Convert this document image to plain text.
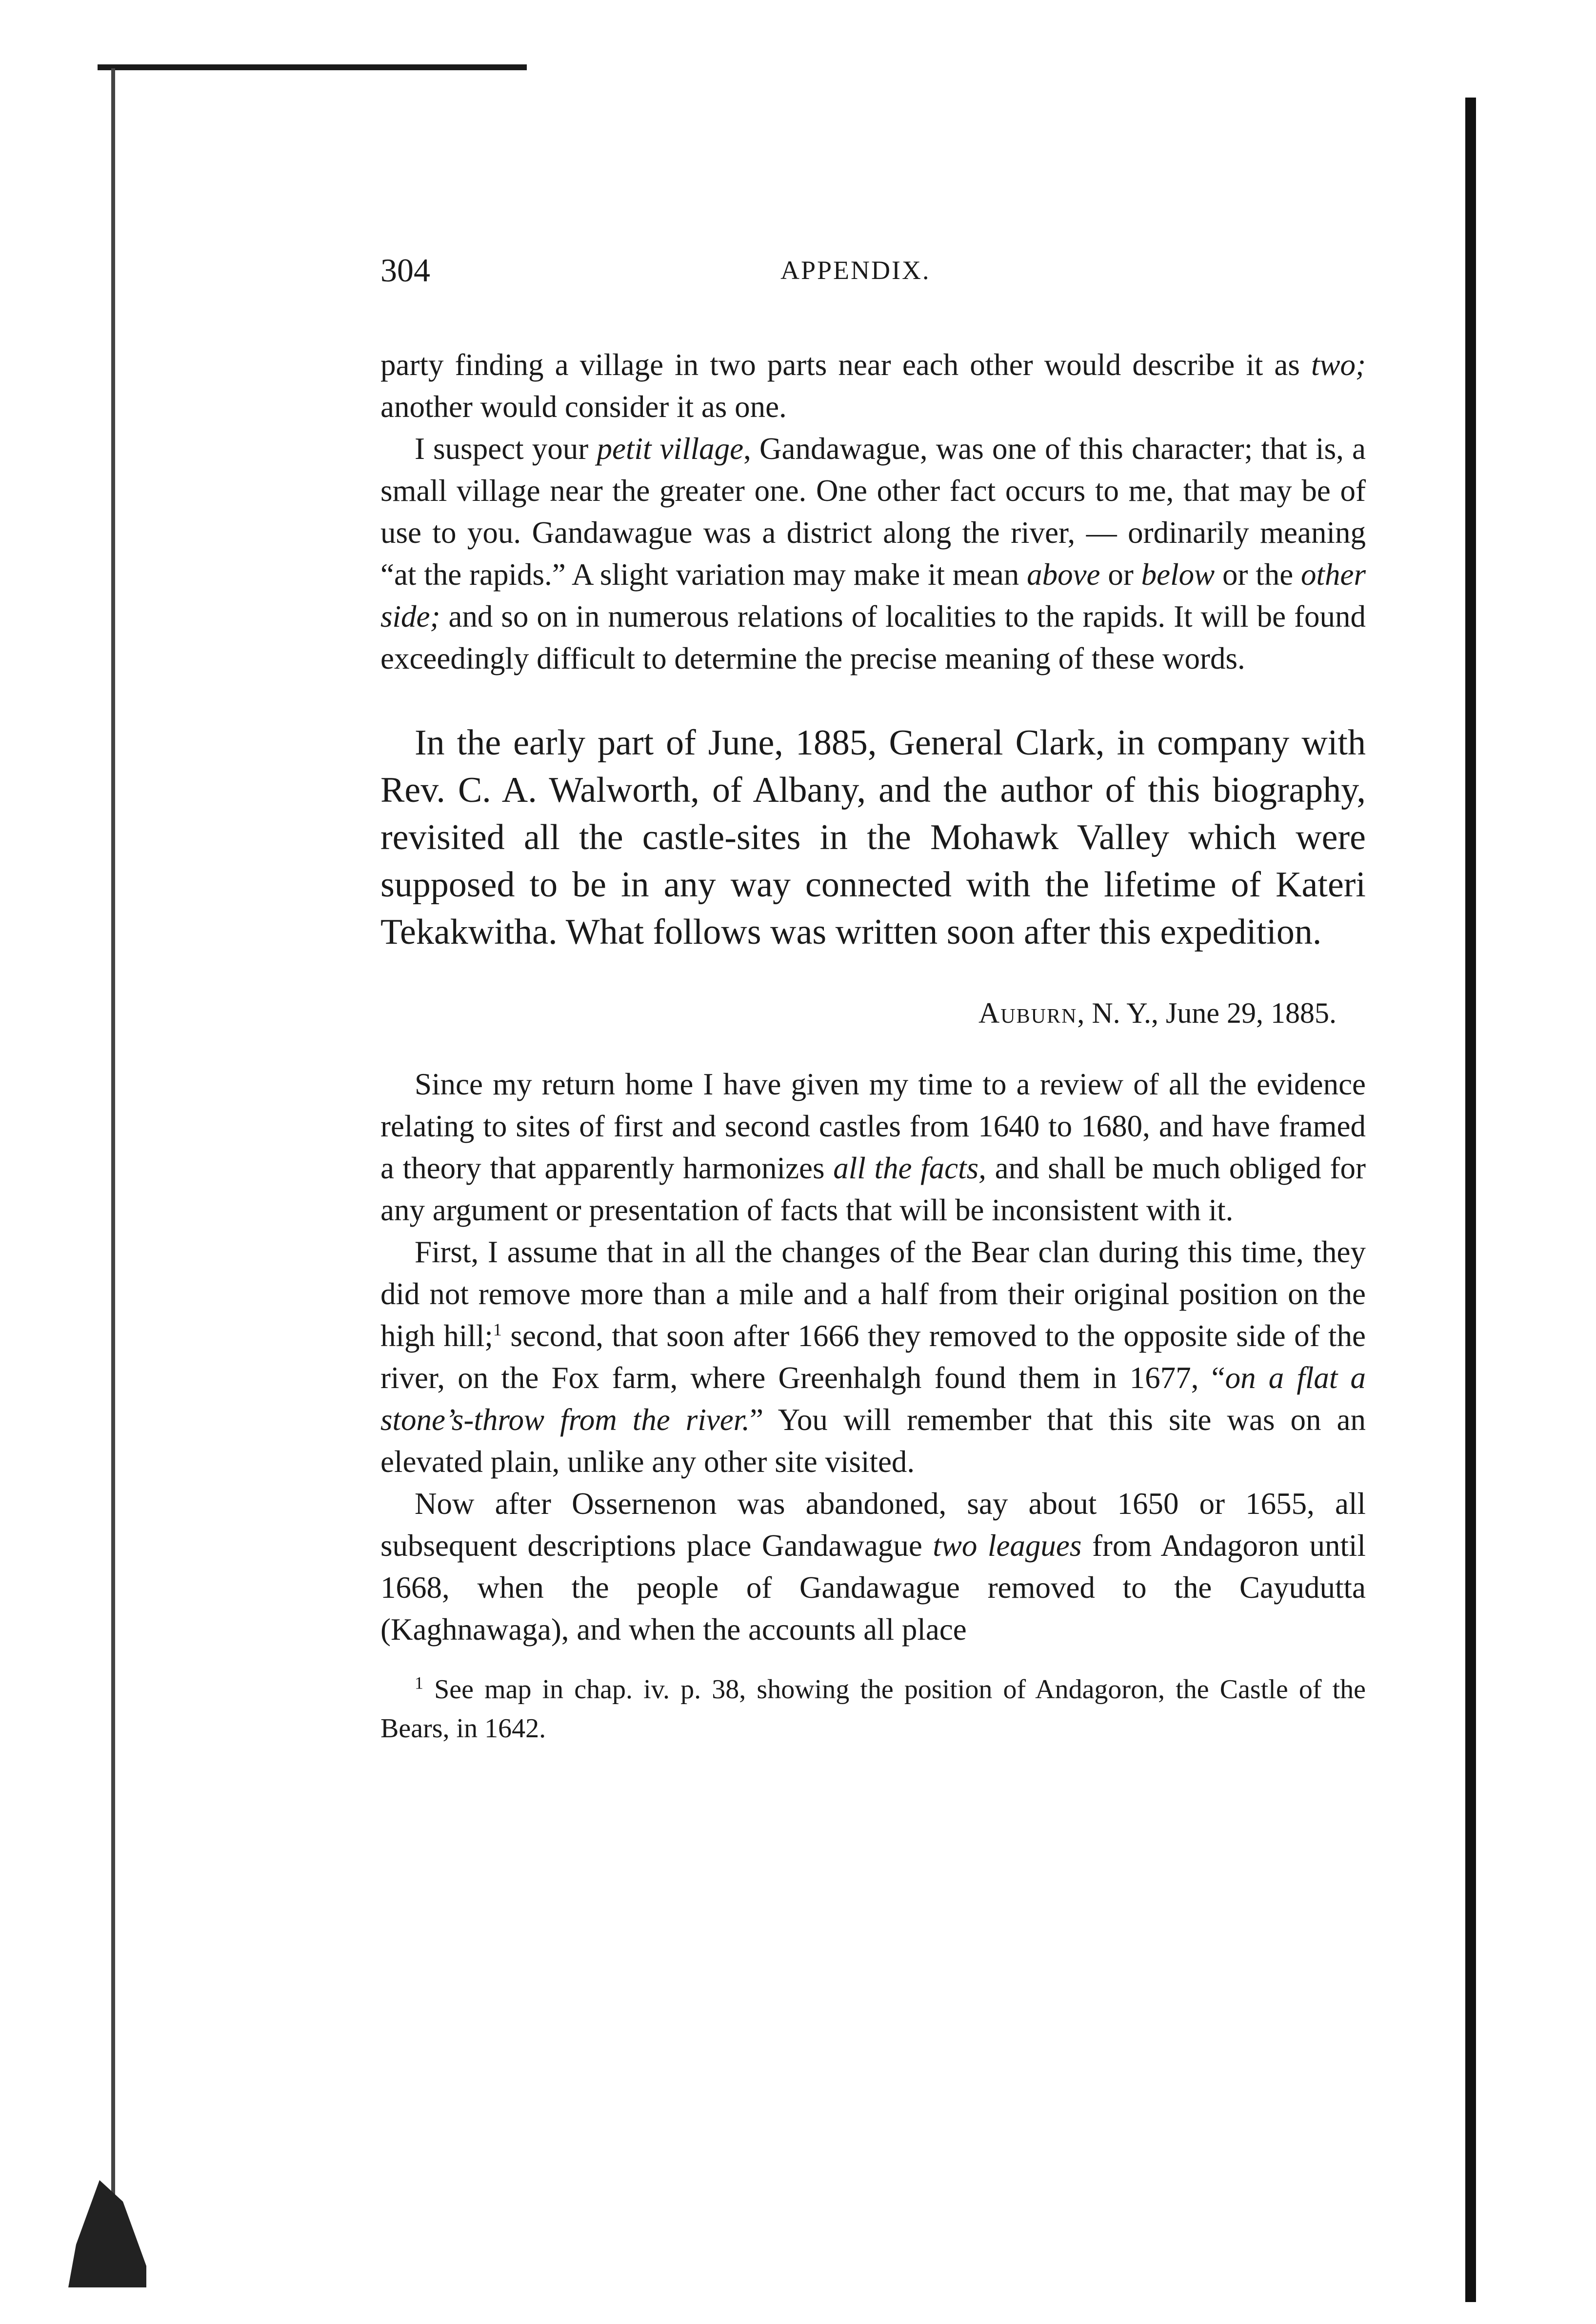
304	APPENDIX.

party finding a village in two parts near each other would describe it as two; another would consider it as one.

I suspect your petit village, Gandawague, was one of this character; that is, a small village near the greater one. One other fact occurs to me, that may be of use to you. Gandawague was a district along the river, — ordinarily meaning “at the rapids.” A slight variation may make it mean above or below or the other side; and so on in numerous relations of localities to the rapids. It will be found exceedingly difficult to determine the precise meaning of these words.

In the early part of June, 1885, General Clark, in company with Rev. C. A. Walworth, of Albany, and the author of this biography, revisited all the castle-sites in the Mohawk Valley which were supposed to be in any way connected with the lifetime of Kateri Tekakwitha. What follows was written soon after this expedition.

Auburn, N. Y., June 29, 1885.

Since my return home I have given my time to a review of all the evidence relating to sites of first and second castles from 1640 to 1680, and have framed a theory that apparently harmonizes all the facts, and shall be much obliged for any argument or presentation of facts that will be inconsistent with it.

First, I assume that in all the changes of the Bear clan during this time, they did not remove more than a mile and a half from their original position on the high hill;$^1$ second, that soon after 1666 they removed to the opposite side of the river, on the Fox farm, where Greenhalgh found them in 1677, “on a flat a stone’s-throw from the river.” You will remember that this site was on an elevated plain, unlike any other site visited.

Now after Ossernenon was abandoned, say about 1650 or 1655, all subsequent descriptions place Gandawague two leagues from Andagoron until 1668, when the people of Gandawague removed to the Cayudutta (Kaghnawaga), and when the accounts all place

$^1$ See map in chap. iv. p. 38, showing the position of Andagoron, the Castle of the Bears, in 1642.
